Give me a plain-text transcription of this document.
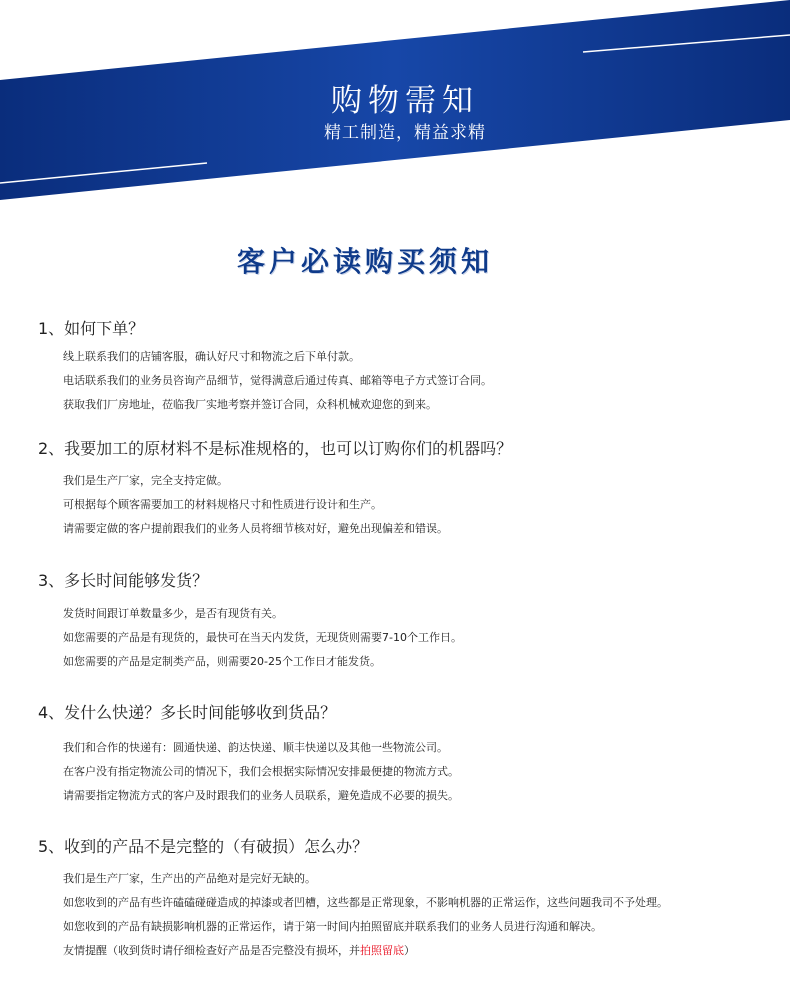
购物需知
精工制造，精益求精
客户必读购买须知
1、如何下单？
线上联系我们的店铺客服，确认好尺寸和物流之后下单付款。
电话联系我们的业务员咨询产品细节，觉得满意后通过传真、邮箱等电子方式签订合同。
获取我们厂房地址，莅临我厂实地考察并签订合同，众科机械欢迎您的到来。
2、我要加工的原材料不是标准规格的，也可以订购你们的机器吗？
我们是生产厂家，完全支持定做。
可根据每个顾客需要加工的材料规格尺寸和性质进行设计和生产。
请需要定做的客户提前跟我们的业务人员将细节核对好，避免出现偏差和错误。
3、多长时间能够发货？
发货时间跟订单数量多少，是否有现货有关。
如您需要的产品是有现货的，最快可在当天内发货，无现货则需要7-10个工作日。
如您需要的产品是定制类产品，则需要20-25个工作日才能发货。
4、发什么快递？多长时间能够收到货品？
我们和合作的快递有：圆通快递、韵达快递、顺丰快递以及其他一些物流公司。
在客户没有指定物流公司的情况下，我们会根据实际情况安排最便捷的物流方式。
请需要指定物流方式的客户及时跟我们的业务人员联系，避免造成不必要的损失。
5、收到的产品不是完整的（有破损）怎么办？
我们是生产厂家，生产出的产品绝对是完好无缺的。
如您收到的产品有些许磕磕碰碰造成的掉漆或者凹槽，这些都是正常现象，不影响机器的正常运作，这些问题我司不予处理。
如您收到的产品有缺损影响机器的正常运作，请于第一时间内拍照留底并联系我们的业务人员进行沟通和解决。
友情提醒（收到货时请仔细检查好产品是否完整没有损坏，并拍照留底）
